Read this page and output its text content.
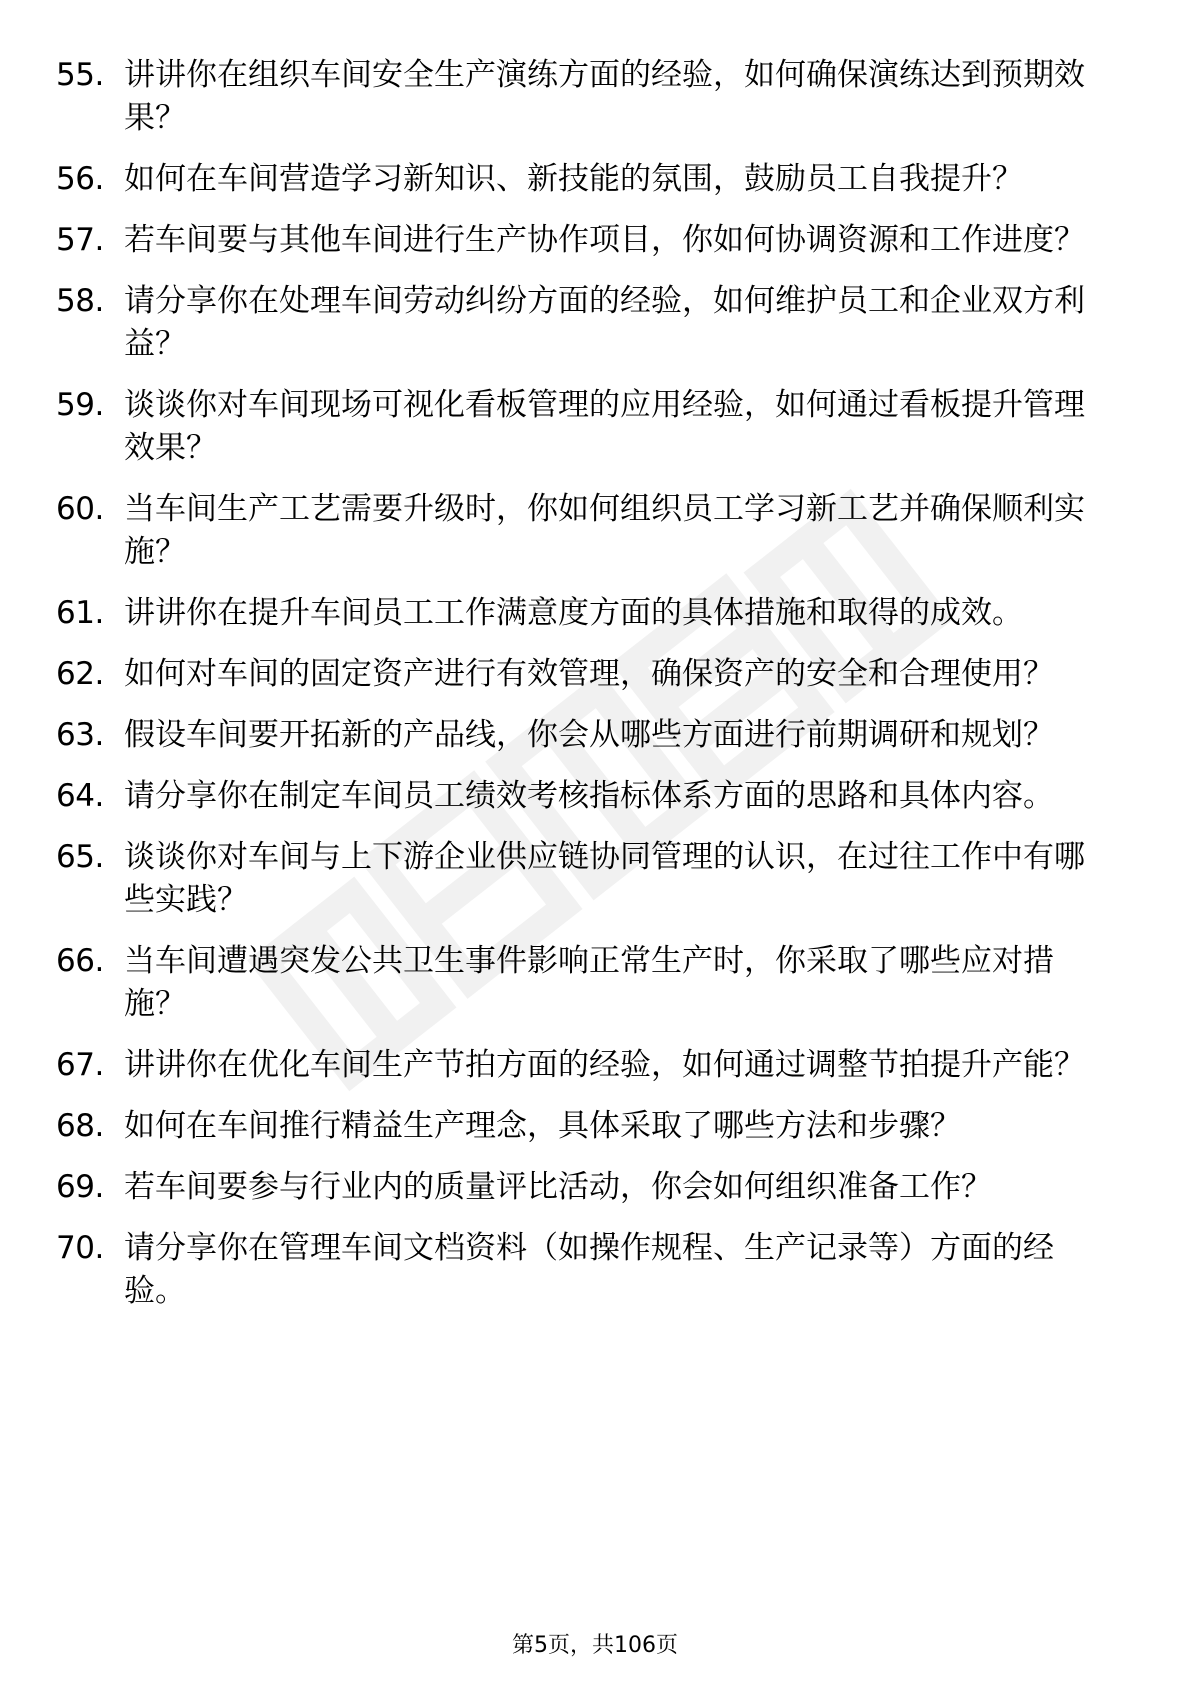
55. 讲讲你在组织车间安全生产演练方面的经验，如何确保演练达到预期效果？
56. 如何在车间营造学习新知识、新技能的氛围，鼓励员工自我提升？
57. 若车间要与其他车间进行生产协作项目，你如何协调资源和工作进度？
58. 请分享你在处理车间劳动纠纷方面的经验，如何维护员工和企业双方利益？
59. 谈谈你对车间现场可视化看板管理的应用经验，如何通过看板提升管理效果？
60. 当车间生产工艺需要升级时，你如何组织员工学习新工艺并确保顺利实施？
61. 讲讲你在提升车间员工工作满意度方面的具体措施和取得的成效。
62. 如何对车间的固定资产进行有效管理，确保资产的安全和合理使用？
63. 假设车间要开拓新的产品线，你会从哪些方面进行前期调研和规划？
64. 请分享你在制定车间员工绩效考核指标体系方面的思路和具体内容。
65. 谈谈你对车间与上下游企业供应链协同管理的认识，在过往工作中有哪些实践？
66. 当车间遭遇突发公共卫生事件影响正常生产时，你采取了哪些应对措施？
67. 讲讲你在优化车间生产节拍方面的经验，如何通过调整节拍提升产能？
68. 如何在车间推行精益生产理念，具体采取了哪些方法和步骤？
69. 若车间要参与行业内的质量评比活动，你会如何组织准备工作？
70. 请分享你在管理车间文档资料（如操作规程、生产记录等）方面的经验。
第5页，共106页
